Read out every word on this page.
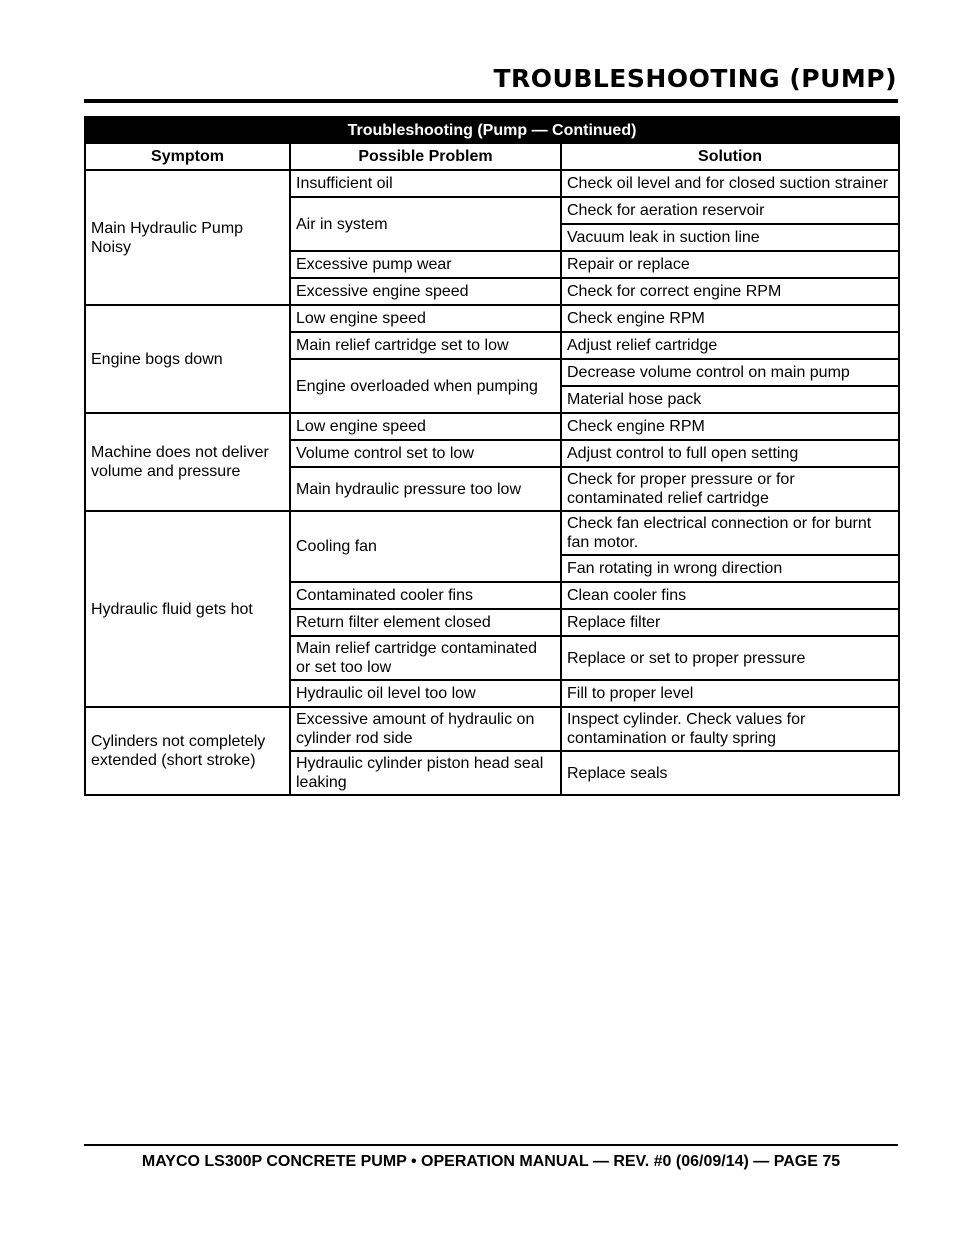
TROUBLESHOOTING (PUMP)
Troubleshooting (Pump — Continued)		
Symptom	Possible Problem	Solution
Main Hydraulic Pump Noisy	Insufficient oil	Check oil level and for closed suction strainer
	Air in system	Check for aeration reservoir
		Vacuum leak in suction line
	Excessive pump wear	Repair or replace
	Excessive engine speed	Check for correct engine RPM
Engine bogs down	Low engine speed	Check engine RPM
	Main relief cartridge set to low	Adjust relief cartridge
	Engine overloaded when pumping	Decrease volume control on main pump
		Material hose pack
Machine does not deliver volume and pressure	Low engine speed	Check engine RPM
	Volume control set to low	Adjust control to full open setting
	Main hydraulic pressure too low	Check for proper pressure or for contaminated relief cartridge
Hydraulic fluid gets hot	Cooling fan	Check fan electrical connection or for burnt fan motor.
		Fan rotating in wrong direction
	Contaminated cooler fins	Clean cooler fins
	Return filter element closed	Replace filter
	Main relief cartridge contaminated or set too low	Replace or set to proper pressure
	Hydraulic oil level too low	Fill to proper level
Cylinders not completely extended (short stroke)	Excessive amount of hydraulic on cylinder rod side	Inspect cylinder. Check values for contamination or faulty spring
	Hydraulic cylinder piston head seal leaking	Replace seals
MAYCO LS300P CONCRETE PUMP • OPERATION MANUAL — REV. #0 (06/09/14) — PAGE 75
